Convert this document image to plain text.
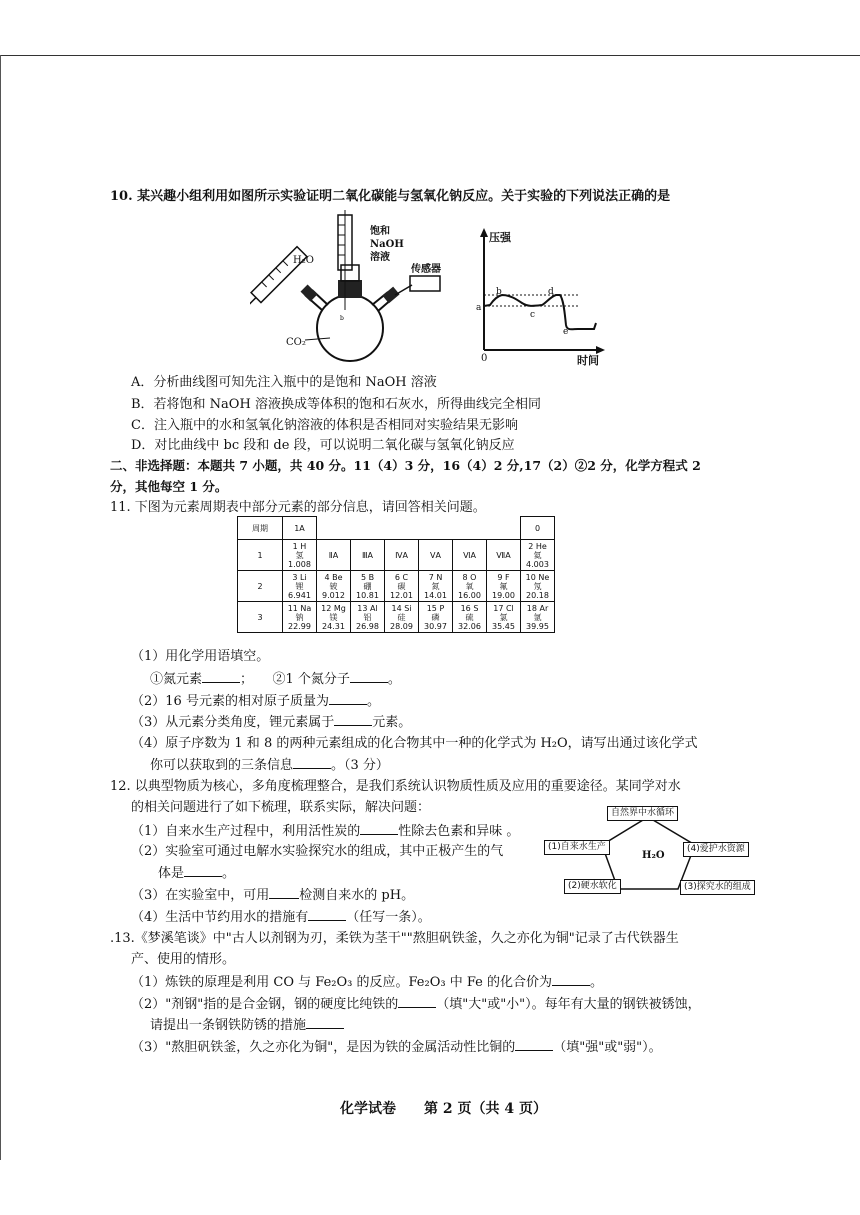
10. 某兴趣小组利用如图所示实验证明二氧化碳能与氢氧化钠反应。关于实验的下列说法正确的是
b
H₂O
饱和
NaOH
溶液
传感器
CO₂
压强
时间
0
a
b
c
d
e
A．分析曲线图可知先注入瓶中的是饱和 NaOH 溶液
B．若将饱和 NaOH 溶液换成等体积的饱和石灰水，所得曲线完全相同
C．注入瓶中的水和氢氧化钠溶液的体积是否相同对实验结果无影响
D．对比曲线中 bc 段和 de 段，可以说明二氧化碳与氢氧化钠反应
二、非选择题：本题共 7 小题，共 40 分。11（4）3 分，16（4）2 分,17（2）②2 分，化学方程式 2
分，其他每空 1 分。
11. 下图为元素周期表中部分元素的部分信息，请回答相关问题。
周期	1A							0
1	1 H
氢
1.008	ⅡA	ⅢA	ⅣA	ⅤA	ⅥA	ⅦA	2 He
氦
4.003

2	3 Li
锂
6.941	4 Be
铍
9.012	5 B
硼
10.81	6 C
碳
12.01	7 N
氮
14.01	8 O
氧
16.00	9 F
氟
19.00	10 Ne
氖
20.18

3	11 Na
钠
22.99	12 Mg
镁
24.31	13 Al
铝
26.98	14 Si
硅
28.09	15 P
磷
30.97	16 S
硫
32.06	17 Cl
氯
35.45	18 Ar
氩
39.95
（1）用化学用语填空。
①氮元素	；　　②1 个氮分子	。
（2）16 号元素的相对原子质量为	。
（3）从元素分类角度，锂元素属于	元素。
（4）原子序数为 1 和 8 的两种元素组成的化合物其中一种的化学式为 H₂O，请写出通过该化学式
你可以获取到的三条信息	。（3 分）
12. 以典型物质为核心，多角度梳理整合，是我们系统认识物质性质及应用的重要途径。某同学对水
的相关问题进行了如下梳理，联系实际，解决问题：
（1）自来水生产过程中，利用活性炭的	性除去色素和异味 。
（2）实验室可通过电解水实验探究水的组成，其中正极产生的气
体是	。
（3）在实验室中，可用 检测自来水的 pH。
（4）生活中节约用水的措施有	（任写一条）。
H₂O
自然界中水循环
(1)自来水生产	(4)爱护水资源
(2)硬水软化	(3)探究水的组成
.13.《梦溪笔谈》中"古人以剂钢为刃，柔铁为茎干""熬胆矾铁釜，久之亦化为铜"记录了古代铁器生
产、使用的情形。
（1）炼铁的原理是利用 CO 与 Fe₂O₃ 的反应。Fe₂O₃ 中 Fe 的化合价为	。
（2）"剂钢"指的是合金钢，钢的硬度比纯铁的	（填"大"或"小"）。每年有大量的钢铁被锈蚀，
请提出一条钢铁防锈的措施
（3）"熬胆矾铁釜，久之亦化为铜"，是因为铁的金属活动性比铜的	（填"强"或"弱"）。
化学试卷　　第 2 页（共 4 页）
